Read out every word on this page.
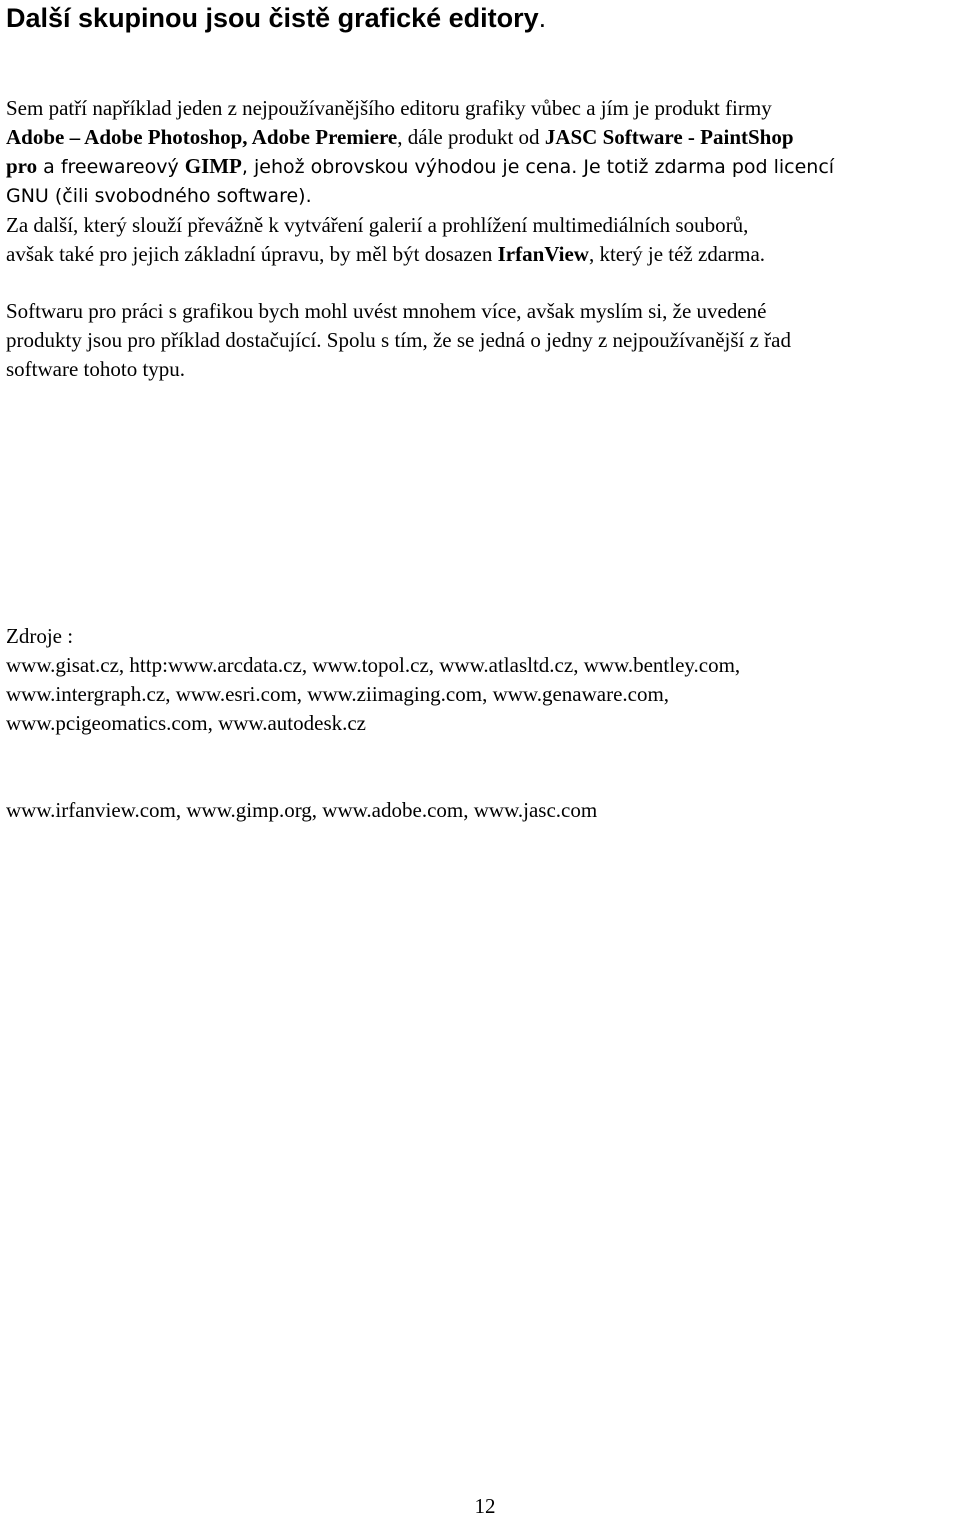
Další skupinou jsou čistě grafické editory.
Sem patří například jeden z nejpoužívanějšího editoru grafiky vůbec a jím je produkt firmy
Adobe – Adobe Photoshop, Adobe Premiere, dále produkt od JASC Software - PaintShop
pro a freewareový GIMP, jehož obrovskou výhodou je cena. Je totiž zdarma pod licencí
GNU (čili svobodného software).
Za další, který slouží převážně k vytváření galerií a prohlížení multimediálních souborů,
avšak také pro jejich základní úpravu, by měl být dosazen IrfanView, který je též zdarma.
Softwaru pro práci s grafikou bych mohl uvést mnohem více, avšak myslím si, že uvedené
produkty jsou pro příklad dostačující. Spolu s tím, že se jedná o jedny z nejpoužívanější z řad
software tohoto typu.
Zdroje :
www.gisat.cz, http:www.arcdata.cz, www.topol.cz, www.atlasltd.cz, www.bentley.com,
www.intergraph.cz, www.esri.com, www.ziimaging.com, www.genaware.com,
www.pcigeomatics.com, www.autodesk.cz
www.irfanview.com, www.gimp.org, www.adobe.com, www.jasc.com
12
